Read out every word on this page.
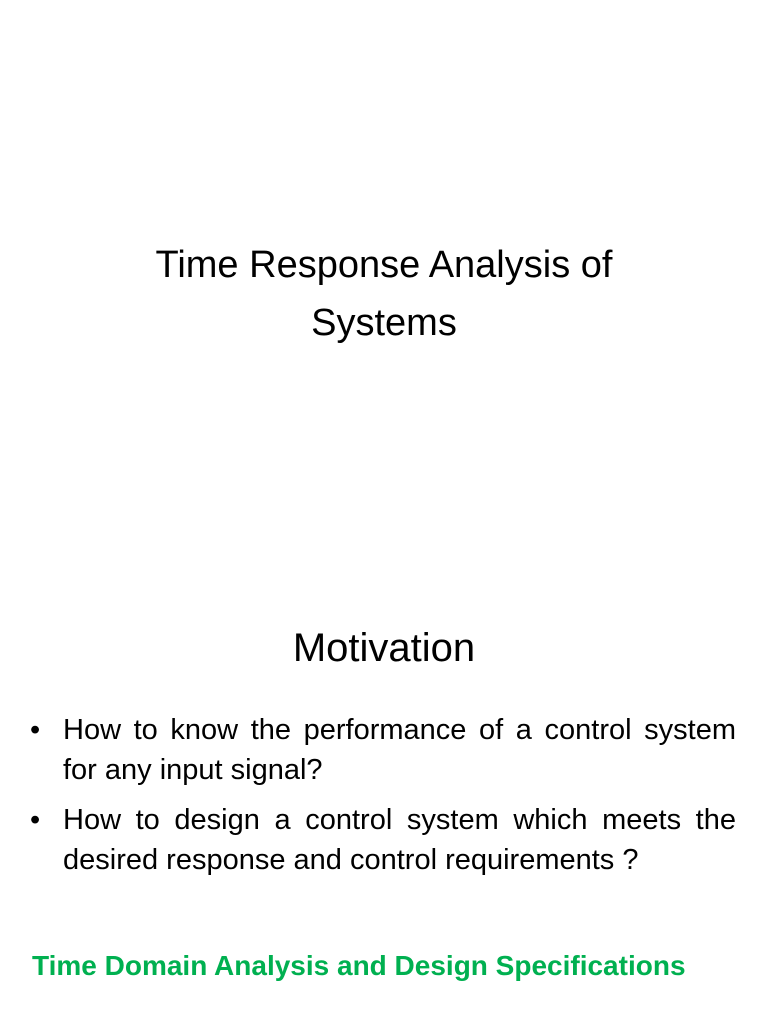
Time Response Analysis of
Systems
Motivation
• How to know the performance of a control system for any input signal?
• How to design a control system which meets the desired response and control requirements ?

Time Domain Analysis and Design Specifications
